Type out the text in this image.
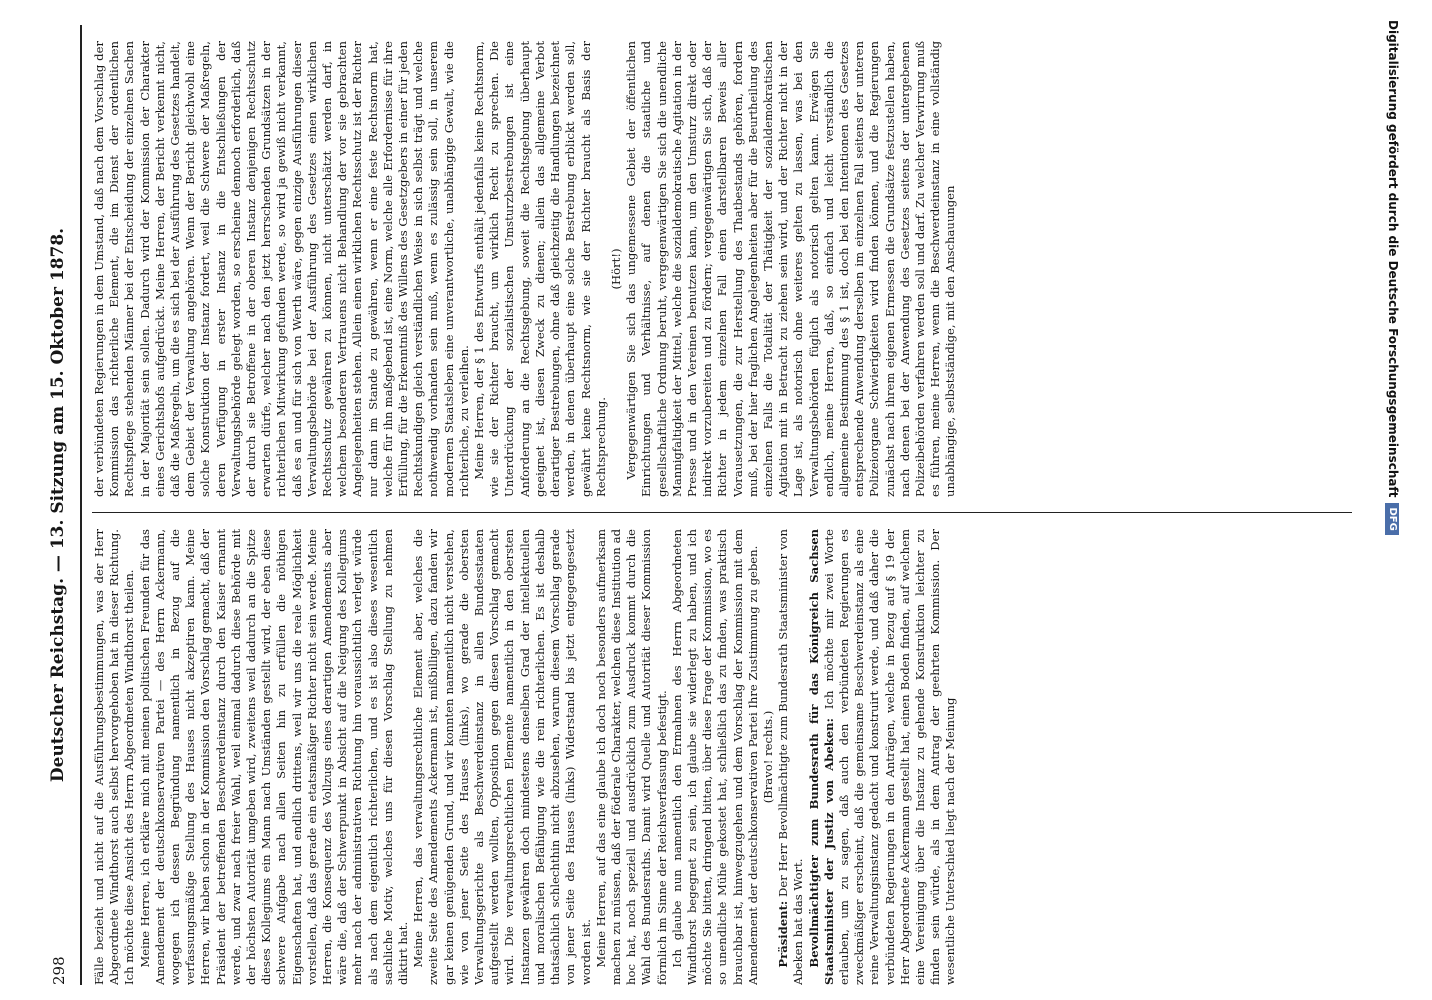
298
Deutscher Reichstag. — 13. Sitzung am 15. Oktober 1878. Fälle bezieht und nicht auf die Ausführungsbestimmungen, was der Herr Abgeordnete Windthorst auch selbst hervorgehoben hat in dieser Richtung. Ich möchte diese Ansicht des Herrn Abgeordneten Windthorst theilen. Meine Herren, ich erkläre mich mit meinen politischen Freunden für das Amendement der deutschkonservativen Partei — des Herrn Ackermann, wogegen ich dessen Begründung namentlich in Bezug auf die verfassungsmäßige Stellung des Hauses nicht akzeptiren kann. Meine Herren, wir haben schon in der Kommission den Vorschlag gemacht, daß der Präsident der betreffenden Beschwerdeinstanz durch den Kaiser ernannt werde, und zwar nach freier Wahl, weil einmal dadurch diese Behörde mit der höchsten Autorität umgeben wird, zweitens weil dadurch an die Spitze dieses Kollegiums ein Mann nach Umständen gestellt wird, der eben diese schwere Aufgabe nach allen Seiten hin zu erfüllen die nöthigen Eigenschaften hat, und endlich drittens, weil wir uns die reale Möglichkeit vorstellen, daß das gerade ein etatsmäßiger Richter nicht sein werde. Meine Herren, die Konsequenz des Vollzugs eines derartigen Amendements aber wäre die, daß der Schwerpunkt in Absicht auf die Neigung des Kollegiums mehr nach der administrativen Richtung hin voraussichtlich verlegt würde als nach dem eigentlich richterlichen, und es ist also dieses wesentlich sachliche Motiv, welches uns für diesen Vorschlag Stellung zu nehmen diktirt hat. Meine Herren, das verwaltungsrechtliche Element aber, welches die zweite Seite des Amendements Ackermann ist, mißbilligen, dazu fanden wir gar keinen genügenden Grund, und wir konnten namentlich nicht verstehen, wie von jener Seite des Hauses (links), wo gerade die obersten Verwaltungsgerichte als Beschwerdeinstanz in allen Bundesstaaten aufgestellt werden wollten, Opposition gegen diesen Vorschlag gemacht wird. Die verwaltungsrechtlichen Elemente namentlich in den obersten Instanzen gewähren doch mindestens denselben Grad der intellektuellen und moralischen Befähigung wie die rein richterlichen. Es ist deshalb thatsächlich schlechthin nicht abzusehen, warum diesem Vorschlag gerade von jener Seite des Hauses (links) Widerstand bis jetzt entgegengesetzt worden ist. Meine Herren, auf das eine glaube ich doch noch besonders aufmerksam machen zu müssen, daß der föderale Charakter, welchen diese Institution ad hoc hat, noch speziell und ausdrücklich zum Ausdruck kommt durch die Wahl des Bundesraths. Damit wird Quelle und Autorität dieser Kommission förmlich im Sinne der Reichsverfassung befestigt. Ich glaube nun namentlich den Ermahnen des Herrn Abgeordneten Windthorst begegnet zu sein, ich glaube sie widerlegt zu haben, und ich möchte Sie bitten, dringend bitten, über diese Frage der Kommission, wo es so unendliche Mühe gekostet hat, schließlich das zu finden, was praktisch brauchbar ist, hinwegzugehen und dem Vorschlag der Kommission mit dem Amendement der deutschkonservativen Partei Ihre Zustimmung zu geben. (Bravo! rechts.)

Präsident: Der Herr Bevollmächtigte zum Bundesrath Staatsminister von Abeken hat das Wort. Bevollmächtigter zum Bundesrath für das Königreich Sachsen Staatsminister der Justiz von Abeken: Ich möchte mir zwei Worte erlauben, um zu sagen, daß auch den verbündeten Regierungen es zweckmäßiger erscheint, daß die gemeinsame Beschwerdeinstanz als eine reine Verwaltungsinstanz gedacht und konstruirt werde, und daß daher die verbündeten Regierungen in den Anträgen, welche in Bezug auf § 19 der Herr Abgeordnete Ackermann gestellt hat, einen Boden finden, auf welchem eine Vereinigung über die Instanz zu gehende Konstruktion leichter zu finden sein würde, als in dem Antrag der geehrten Kommission. Der wesentliche Unterschied liegt nach der Meinung

der verbündeten Regierungen in dem Umstand, daß nach dem Vorschlag der Kommission das richterliche Element, die im Dienst der ordentlichen Rechtspflege stehenden Männer bei der Entscheidung der einzelnen Sachen in der Majorität sein sollen. Dadurch wird der Kommission der Charakter eines Gerichtshofs aufgedrückt. Meine Herren, der Bericht verkennt nicht, daß die Maßregeln, um die es sich bei der Ausführung des Gesetzes handelt, dem Gebiet der Verwaltung angehören. Wenn der Bericht gleichwohl eine solche Konstruktion der Instanz fordert, weil die Schwere der Maßregeln, deren Verfügung in erster Instanz in die Entschließungen der Verwaltungsbehörde gelegt worden, so erscheine dennoch erforderlich, daß der durch sie Betroffene in der oberen Instanz denjenigen Rechtsschutz erwarten dürfe, welcher nach den jetzt herrschenden Grundsätzen in der richterlichen Mitwirkung gefunden werde, so wird ja gewiß nicht verkannt, daß es an und für sich von Werth wäre, gegen einzige Ausführungen dieser Verwaltungsbehörde bei der Ausführung des Gesetzes einen wirklichen Rechtsschutz gewähren zu können, nicht unterschätzt werden darf, in welchem besonderen Vertrauens nicht Behandlung der vor sie gebrachten Angelegenheiten stehen. Allein einen wirklichen Rechtsschutz ist der Richter nur dann im Stande zu gewähren, wenn er eine feste Rechtsnorm hat, welche für ihn maßgebend ist, eine Norm, welche alle Erfordernisse für ihre Erfüllung, für die Erkenntniß des Willens des Gesetzgebers in einer für jeden Rechtskundigen gleich verständlichen Weise in sich selbst trägt und welche nothwendig vorhanden sein muß, wenn es zulässig sein soll, in unserem modernen Staatsleben eine unverantwortliche, unabhängige Gewalt, wie die richterliche, zu verleihen. Meine Herren, der § 1 des Entwurfs enthält jedenfalls keine Rechtsnorm, wie sie der Richter braucht, um wirklich Recht zu sprechen. Die Unterdrückung der sozialistischen Umsturzbestrebungen ist eine Anforderung an die Rechtsgebung, soweit die Rechtsgebung überhaupt geeignet ist, diesen Zweck zu dienen; allein das allgemeine Verbot derartiger Bestrebungen, ohne daß gleichzeitig die Handlungen bezeichnet werden, in denen überhaupt eine solche Bestrebung erblickt werden soll, gewährt keine Rechtsnorm, wie sie der Richter braucht als Basis der Rechtsprechung.

(Hört!) Vergegenwärtigen Sie sich das ungemessene Gebiet der öffentlichen Einrichtungen und Verhältnisse, auf denen die staatliche und gesellschaftliche Ordnung beruht, vergegenwärtigen Sie sich die unendliche Mannigfaltigkeit der Mittel, welche die sozialdemokratische Agitation in der Presse und in den Vereinen benutzen kann, um den Umsturz direkt oder indirekt vorzubereiten und zu fördern; vergegenwärtigen Sie sich, daß der Richter in jedem einzelnen Fall einen darstellbaren Beweis aller Vorausetzungen, die zur Herstellung des Thatbestands gehören, fordern muß, bei der hier fraglichen Angelegenheiten aber für die Beurtheilung des einzelnen Falls die Totalität der Thätigkeit der sozialdemokratischen Agitation mit in Betracht zu ziehen sein wird, und der Richter nicht in der Lage ist, als notorisch ohne weiteres gelten zu lassen, was bei den Verwaltungsbehörden füglich als notorisch gelten kann. Erwägen Sie endlich, meine Herren, daß, so einfach und leicht verständlich die allgemeine Bestimmung des § 1 ist, doch bei den Intentionen des Gesetzes entsprechende Anwendung derselben im einzelnen Fall seitens der unteren Polizeiorgane Schwierigkeiten wird finden können, und die Regierungen zunächst nach ihrem eigenen Ermessen die Grundsätze festzustellen haben, nach denen bei der Anwendung des Gesetzes seitens der untergebenen Polizeibehörden verfahren werden soll und darf. Zu welcher Verwirrung muß es führen, meine Herren, wenn die Beschwerdeinstanz in eine vollständig unabhängige, selbstständige, mit den Anschauungen	Digitalisierung gefördert durch die Deutsche ForschungsgemeinschaftDFG
